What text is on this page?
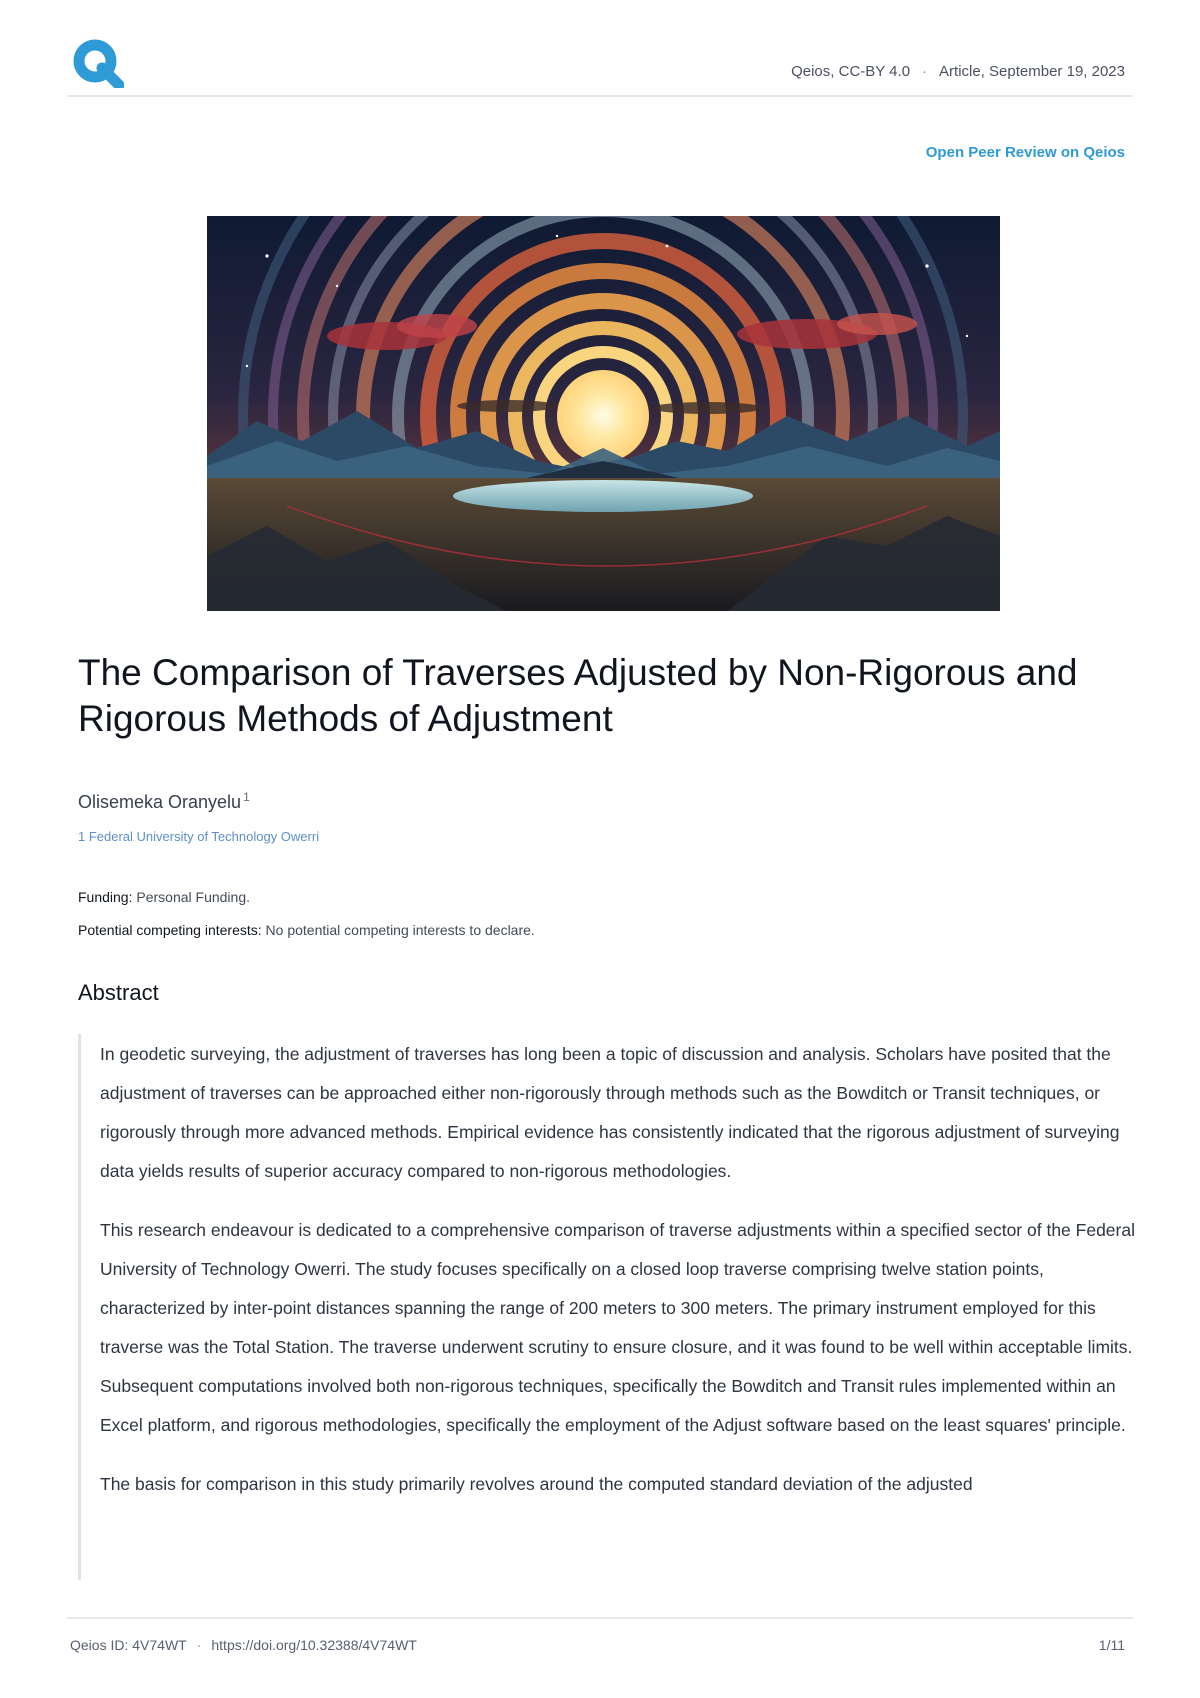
Qeios, CC-BY 4.0 · Article, September 19, 2023
Open Peer Review on Qeios
The Comparison of Traverses Adjusted by Non-Rigorous and Rigorous Methods of Adjustment
Olisemeka Oranyelu $^1$
1 Federal University of Technology Owerri
Funding: Personal Funding.
Potential competing interests: No potential competing interests to declare.
Abstract

In geodetic surveying, the adjustment of traverses has long been a topic of discussion and analysis. Scholars have posited that the adjustment of traverses can be approached either non-rigorously through methods such as the Bowditch or Transit techniques, or rigorously through more advanced methods. Empirical evidence has consistently indicated that the rigorous adjustment of surveying data yields results of superior accuracy compared to non-rigorous methodologies.

This research endeavour is dedicated to a comprehensive comparison of traverse adjustments within a specified sector of the Federal University of Technology Owerri. The study focuses specifically on a closed loop traverse comprising twelve station points, characterized by inter-point distances spanning the range of 200 meters to 300 meters. The primary instrument employed for this traverse was the Total Station. The traverse underwent scrutiny to ensure closure, and it was found to be well within acceptable limits. Subsequent computations involved both non-rigorous techniques, specifically the Bowditch and Transit rules implemented within an Excel platform, and rigorous methodologies, specifically the employment of the Adjust software based on the least squares' principle.

The basis for comparison in this study primarily revolves around the computed standard deviation of the adjusted

Qeios ID: 4V74WT · https://doi.org/10.32388/4V74WT	1/11
